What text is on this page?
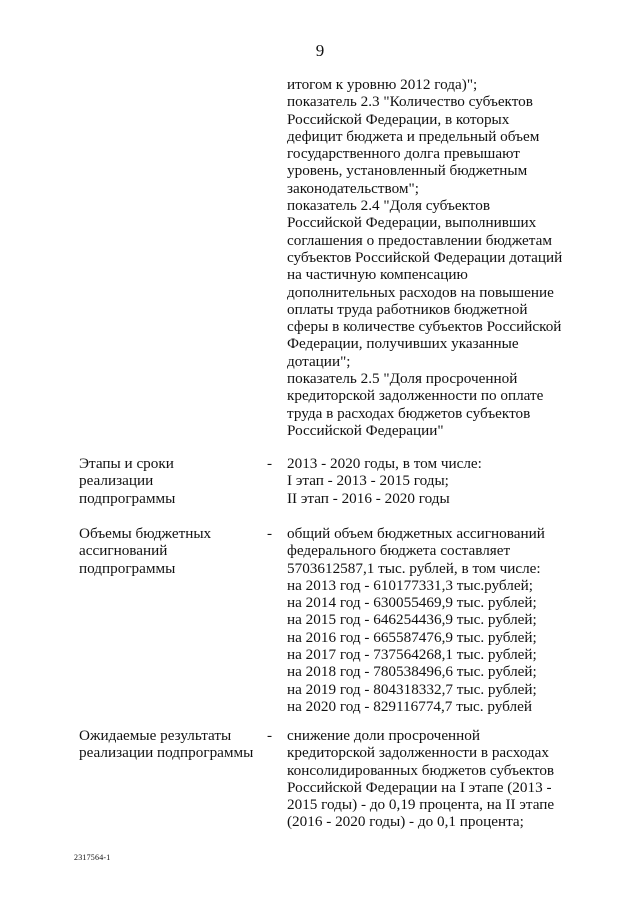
9
итогом к уровню 2012 года)";
показатель 2.3 "Количество субъектов
Российской Федерации, в которых
дефицит бюджета и предельный объем
государственного долга превышают
уровень, установленный бюджетным
законодательством";
показатель 2.4 "Доля субъектов
Российской Федерации, выполнивших
соглашения о предоставлении бюджетам
субъектов Российской Федерации дотаций
на частичную компенсацию
дополнительных расходов на повышение
оплаты труда работников бюджетной
сферы в количестве субъектов Российской
Федерации, получивших указанные
дотации";
показатель 2.5 "Доля просроченной
кредиторской задолженности по оплате
труда в расходах бюджетов субъектов
Российской Федерации"
Этапы и сроки
реализации
подпрограммы
- 2013 - 2020 годы, в том числе:
I этап - 2013 - 2015 годы;
II этап - 2016 - 2020 годы
Объемы бюджетных
ассигнований
подпрограммы
- общий объем бюджетных ассигнований
федерального бюджета составляет
5703612587,1 тыс. рублей, в том числе:
на 2013 год - 610177331,3 тыс.рублей;
на 2014 год - 630055469,9 тыс. рублей;
на 2015 год - 646254436,9 тыс. рублей;
на 2016 год - 665587476,9 тыс. рублей;
на 2017 год - 737564268,1 тыс. рублей;
на 2018 год - 780538496,6 тыс. рублей;
на 2019 год - 804318332,7 тыс. рублей;
на 2020 год - 829116774,7 тыс. рублей
Ожидаемые результаты
реализации подпрограммы
- снижение доли просроченной
кредиторской задолженности в расходах
консолидированных бюджетов субъектов
Российской Федерации на I этапе (2013 -
2015 годы) - до 0,19 процента, на II этапе
(2016 - 2020 годы) - до 0,1 процента;
2317564-1
